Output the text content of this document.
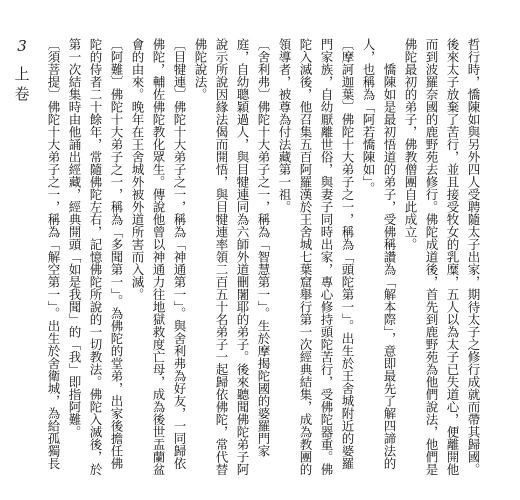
3
上
卷	哲行時，憍陳如與另外四人受聘隨太子出家，期待太子之修行成就而帶其歸國。後來太子放棄了苦行，並且接受牧女的乳糜，五人以為太子已失道心，便離開他而到波羅奈國的鹿野苑去修行。佛陀成道後，首先到鹿野苑為他們說法，他們是佛陀最初的弟子，佛教僧團自此成立。

憍陳如是最初悟道的弟子，受佛稱讚為「解本際」，意即最先了解四諦法的人，也稱為「阿若憍陳如」。

〔摩訶迦葉〕佛陀十大弟子之一，稱為「頭陀第一」。出生於王舍城附近的婆羅門家族，自幼厭離世俗，與妻子同時出家，專心修持頭陀苦行，受佛陀器重。佛陀入滅後，他召集五百阿羅漢於王舍城七葉窟舉行第一次經典結集，成為教團的領導者，被尊為付法藏第一祖。

〔舍利弗〕佛陀十大弟子之一，稱為「智慧第一」。生於摩揭陀國的婆羅門家庭，自幼聰穎過人，與目犍連同為六師外道刪闍耶的弟子。後來聽聞佛陀弟子阿說示所說因緣法偈而開悟，與目犍連率領二百五十名弟子一起歸依佛陀，常代替佛陀說法。

〔目犍連〕佛陀十大弟子之一，稱為「神通第一」。與舍利弗為好友，一同歸依佛陀，輔佐佛陀教化眾生。傳說他曾以神通力往地獄救度亡母，成為後世盂蘭盆會的由來。晚年在王舍城外被外道所害而入滅。

〔阿難〕佛陀十大弟子之一，稱為「多聞第一」。為佛陀的堂弟，出家後擔任佛陀的侍者二十餘年，常隨佛陀左右，記憶佛陀所說的一切教法。佛陀入滅後，於第一次結集時由他誦出經藏，經典開頭「如是我聞」的「我」即指阿難。

〔須菩提〕佛陀十大弟子之一，稱為「解空第一」。出生於舍衛城，為給孤獨長
